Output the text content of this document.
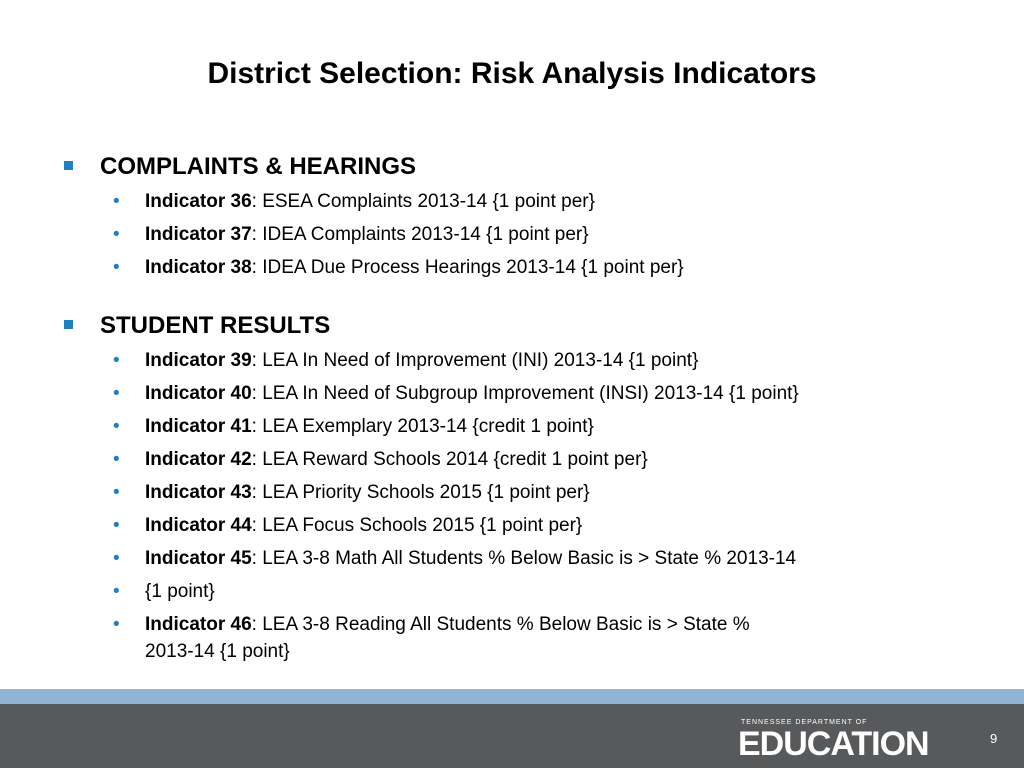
District Selection: Risk Analysis Indicators
COMPLAINTS & HEARINGS
• Indicator 36: ESEA Complaints 2013-14 {1 point per}
• Indicator 37: IDEA Complaints 2013-14 {1 point per}
• Indicator 38: IDEA Due Process Hearings 2013-14 {1 point per}
STUDENT RESULTS
• Indicator 39: LEA In Need of Improvement (INI) 2013-14 {1 point}
• Indicator 40: LEA In Need of Subgroup Improvement (INSI) 2013-14 {1 point}
• Indicator 41: LEA Exemplary 2013-14 {credit 1 point}
• Indicator 42: LEA Reward Schools 2014 {credit 1 point per}
• Indicator 43: LEA Priority Schools 2015 {1 point per}
• Indicator 44: LEA Focus Schools 2015 {1 point per}
• Indicator 45: LEA 3-8 Math All Students % Below Basic is > State % 2013-14
• {1 point}
• Indicator 46: LEA 3-8 Reading All Students % Below Basic is > State %
2013-14 {1 point}
TENNESSEE DEPARTMENT OF
EDUCATION	9
